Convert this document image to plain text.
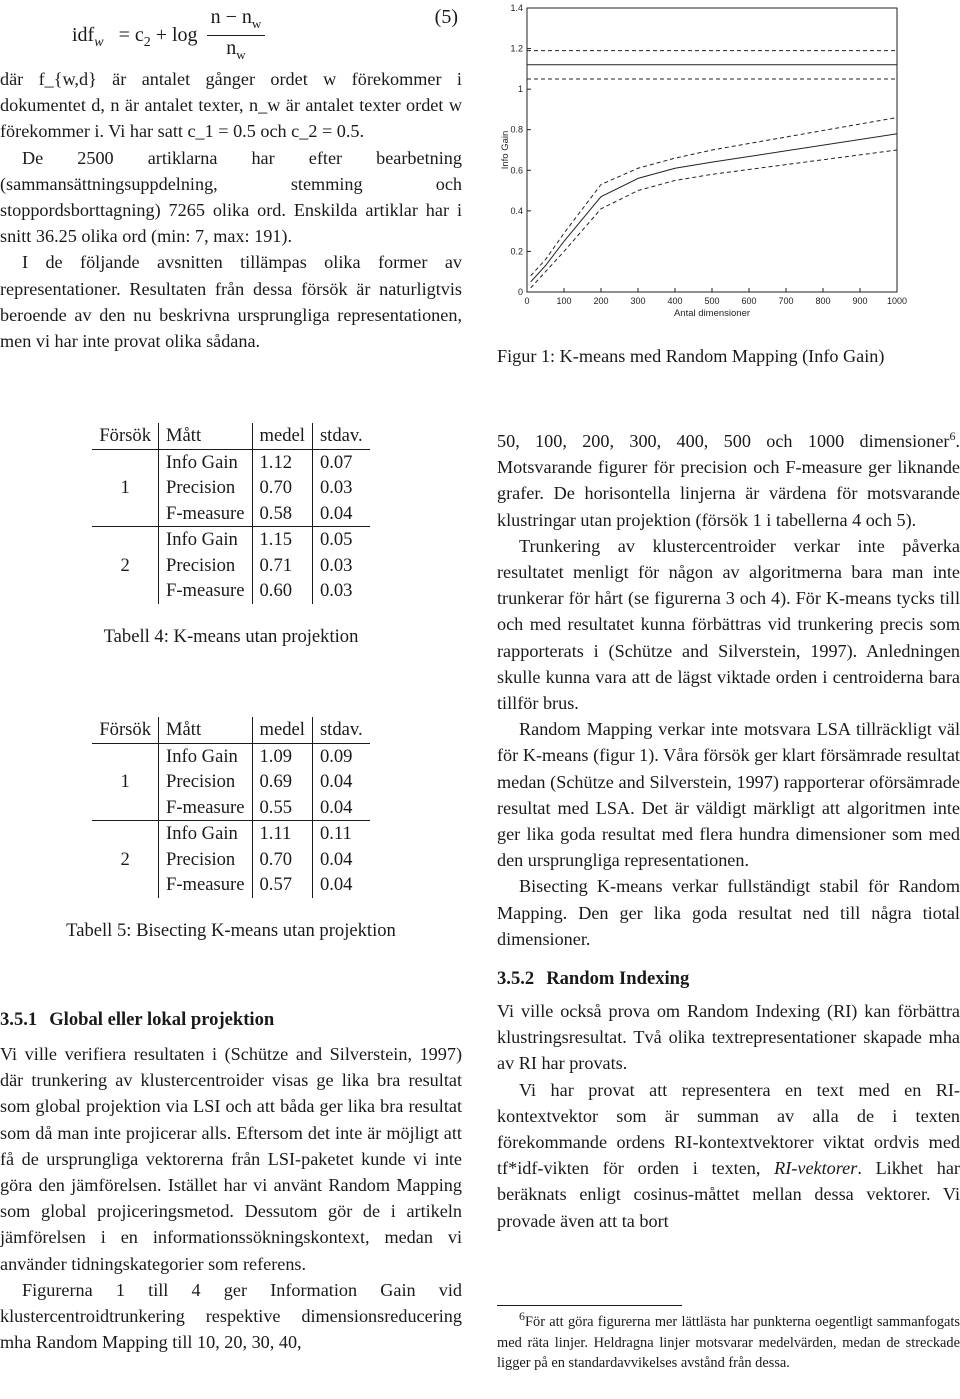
$idf_w = c_2 + \log \frac{n - n_w}{n_w}$	(5)

där f_{w,d} är antalet gånger ordet w förekommer i dokumentet d, n är antalet texter, n_w är antalet texter ordet w förekommer i. Vi har satt c_1 = 0.5 och c_2 = 0.5.

De 2500 artiklarna har efter bearbetning (sammansättningsuppdelning, stemming och stoppordsborttagning) 7265 olika ord. Enskilda artiklar har i snitt 36.25 olika ord (min: 7, max: 191).

I de följande avsnitten tillämpas olika former av representationer. Resultaten från dessa försök är naturligtvis beroende av den nu beskrivna ursprungliga representationen, men vi har inte provat olika sådana.

Försök	Mått	medel	stdav.
1	Info Gain	1.12	0.07
	Precision	0.70	0.03
	F-measure	0.58	0.04
2	Info Gain	1.15	0.05
	Precision	0.71	0.03
	F-measure	0.60	0.03
Tabell 4: K-means utan projektion
Försök	Mått	medel	stdav.
1	Info Gain	1.09	0.09
	Precision	0.69	0.04
	F-measure	0.55	0.04
2	Info Gain	1.11	0.11
	Precision	0.70	0.04
	F-measure	0.57	0.04
Tabell 5: Bisecting K-means utan projektion
3.5.1 Global eller lokal projektion

Vi ville verifiera resultaten i (Schütze and Silverstein, 1997) där trunkering av klustercentroider visas ge lika bra resultat som global projektion via LSI och att båda ger lika bra resultat som då man inte projicerar alls. Eftersom det inte är möjligt att få de ursprungliga vektorerna från LSI-paketet kunde vi inte göra den jämförelsen. Istället har vi använt Random Mapping som global projiceringsmetod. Dessutom gör de i artikeln jämförelsen i en informationssökningskontext, medan vi använder tidningskategorier som referens.

Figurerna 1 till 4 ger Information Gain vid klustercentroidtrunkering respektive dimensionsreducering mha Random Mapping till 10, 20, 30, 40,

0	100 200 300 400 500 600 700 800 900 1000
0
0.2
0.4
0.6
0.8
1
1.2
1.4
Info Gain
Antal dimensioner

Figur 1: K-means med Random Mapping (Info Gain)

50, 100, 200, 300, 400, 500 och 1000 dimensioner$^6$. Motsvarande figurer för precision och F-measure ger liknande grafer. De horisontella linjerna är värdena för motsvarande klustringar utan projektion (försök 1 i tabellerna 4 och 5).

Trunkering av klustercentroider verkar inte påverka resultatet menligt för någon av algoritmerna bara man inte trunkerar för hårt (se figurerna 3 och 4). För K-means tycks till och med resultatet kunna förbättras vid trunkering precis som rapporterats i (Schütze and Silverstein, 1997). Anledningen skulle kunna vara att de lägst viktade orden i centroiderna bara tillför brus.

Random Mapping verkar inte motsvara LSA tillräckligt väl för K-means (figur 1). Våra försök ger klart försämrade resultat medan (Schütze and Silverstein, 1997) rapporterar oförsämrade resultat med LSA. Det är väldigt märkligt att algoritmen inte ger lika goda resultat med flera hundra dimensioner som med den ursprungliga representationen.

Bisecting K-means verkar fullständigt stabil för Random Mapping. Den ger lika goda resultat ned till några tiotal dimensioner.

3.5.2 Random Indexing

Vi ville också prova om Random Indexing (RI) kan förbättra klustringsresultat. Två olika textrepresentationer skapade mha av RI har provats.

Vi har provat att representera en text med en RI-kontextvektor som är summan av alla de i texten förekommande ordens RI-kontextvektorer viktat ordvis med tf*idf-vikten för orden i texten, RI-vektorer. Likhet har beräknats enligt cosinus-måttet mellan dessa vektorer. Vi provade även att ta bort

$^6$För att göra figurerna mer lättlästa har punkterna oegentligt sammanfogats med räta linjer. Heldragna linjer motsvarar medelvärden, medan de streckade ligger på en standardavvikelses avstånd från dessa.
